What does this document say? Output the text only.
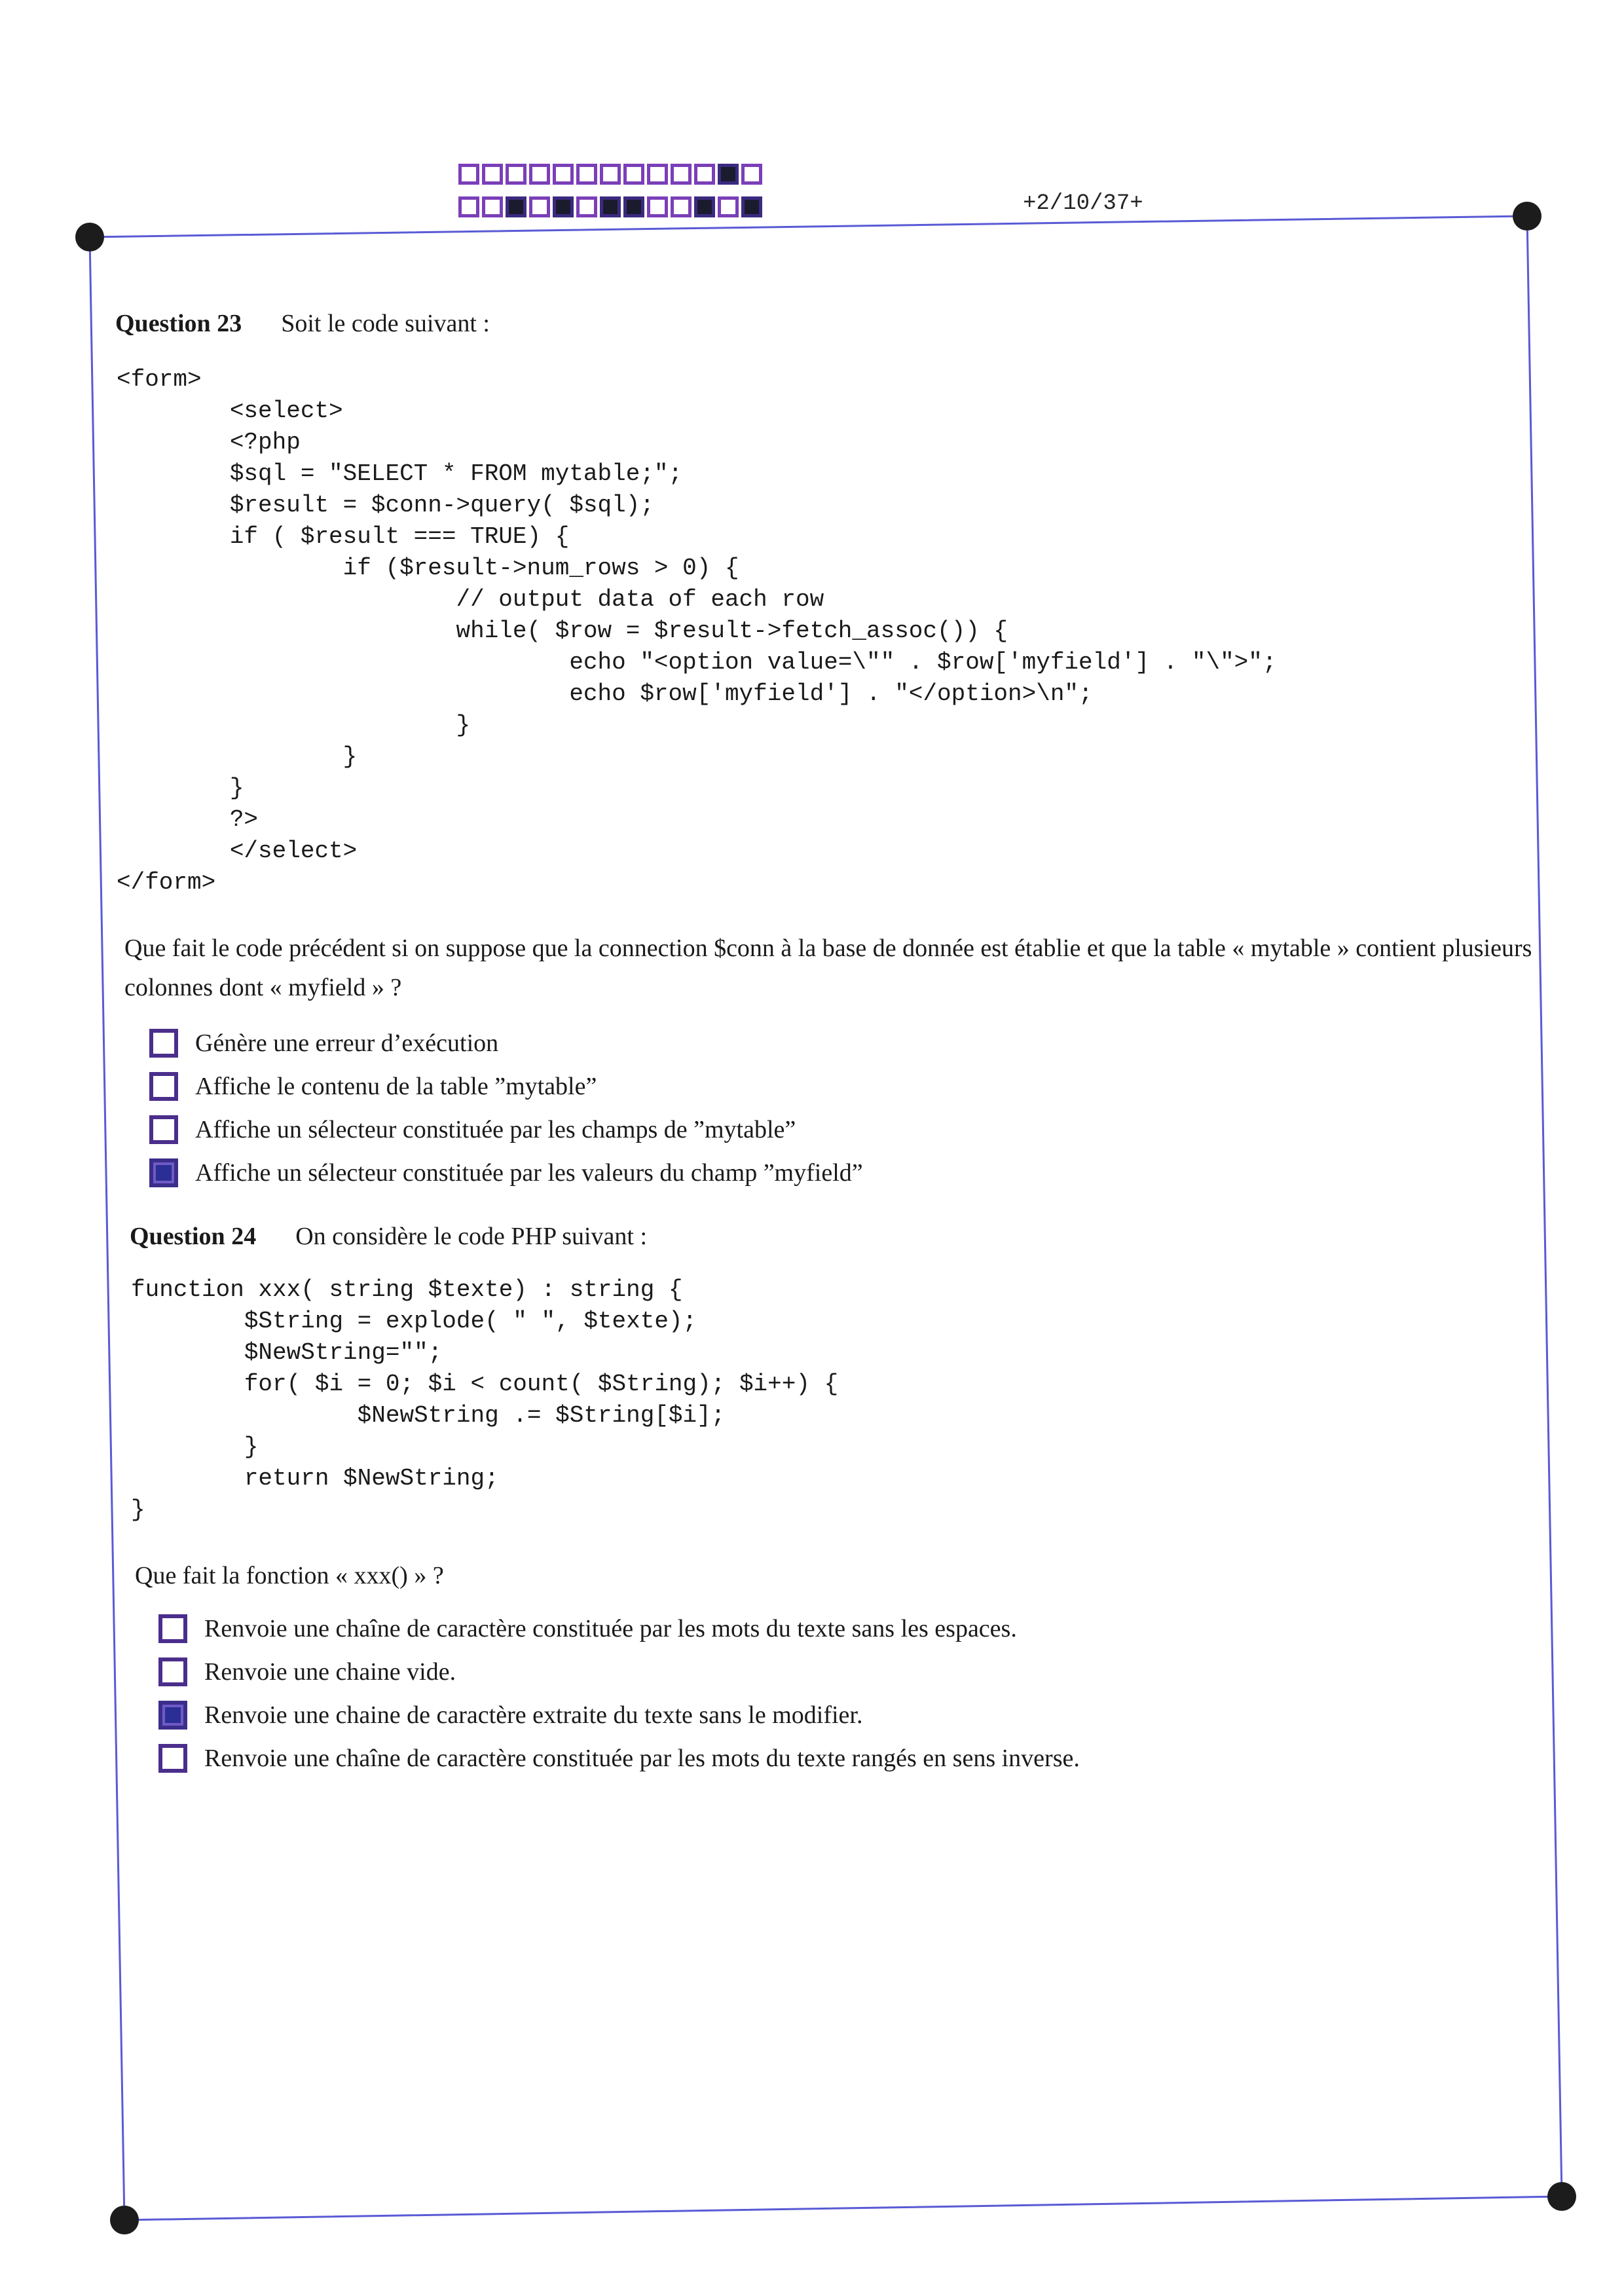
+2/10/37+
Question 23 Soit le code suivant :
<form>
<select>
<?php
$sql = "SELECT * FROM mytable;";
$result = $conn->query( $sql);
if ( $result === TRUE) {
if ($result->num_rows > 0) {
// output data of each row
while( $row = $result->fetch_assoc()) {
echo "<option value=\"" . $row['myfield'] . "\">";
echo $row['myfield'] . "</option>\n";
}
}
}
?>
</select>
</form>
Que fait le code précédent si on suppose que la connection $conn à la base de donnée est établie et que la table « mytable » contient plusieurs colonnes dont « myfield » ?
Génère une erreur d’exécution
Affiche le contenu de la table ”mytable”
Affiche un sélecteur constituée par les champs de ”mytable”
Affiche un sélecteur constituée par les valeurs du champ ”myfield”
Question 24 On considère le code PHP suivant :
function xxx( string $texte) : string {
$String = explode( " ", $texte);
$NewString="";
for( $i = 0; $i < count( $String); $i++) {
$NewString .= $String[$i];
}
return $NewString;
}
Que fait la fonction « xxx() » ?
Renvoie une chaîne de caractère constituée par les mots du texte sans les espaces.
Renvoie une chaine vide.
Renvoie une chaine de caractère extraite du texte sans le modifier.
Renvoie une chaîne de caractère constituée par les mots du texte rangés en sens inverse.
